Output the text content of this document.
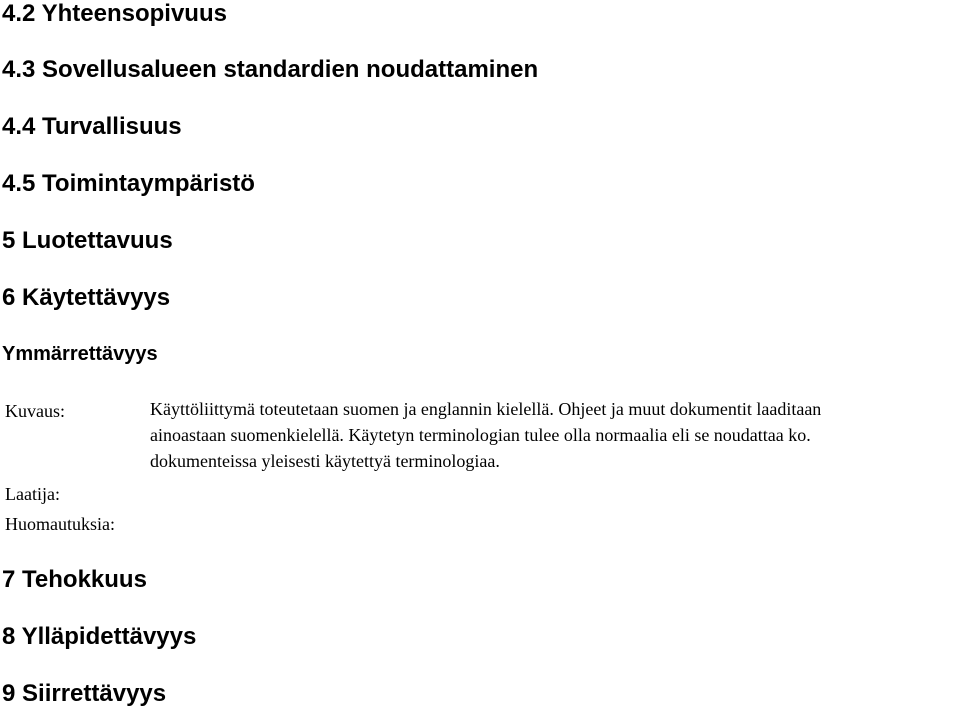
4.2 Yhteensopivuus
4.3 Sovellusalueen standardien noudattaminen
4.4 Turvallisuus
4.5 Toimintaympäristö
5 Luotettavuus
6 Käytettävyys
Ymmärrettävyys
Kuvaus:	Käyttöliittymä toteutetaan suomen ja englannin kielellä. Ohjeet ja muut dokumentit laaditaan
ainoastaan suomenkielellä. Käytetyn terminologian tulee olla normaalia eli se noudattaa ko.
dokumenteissa yleisesti käytettyä terminologiaa.
Laatija:
Huomautuksia:
7 Tehokkuus
8 Ylläpidettävyys
9 Siirrettävyys
